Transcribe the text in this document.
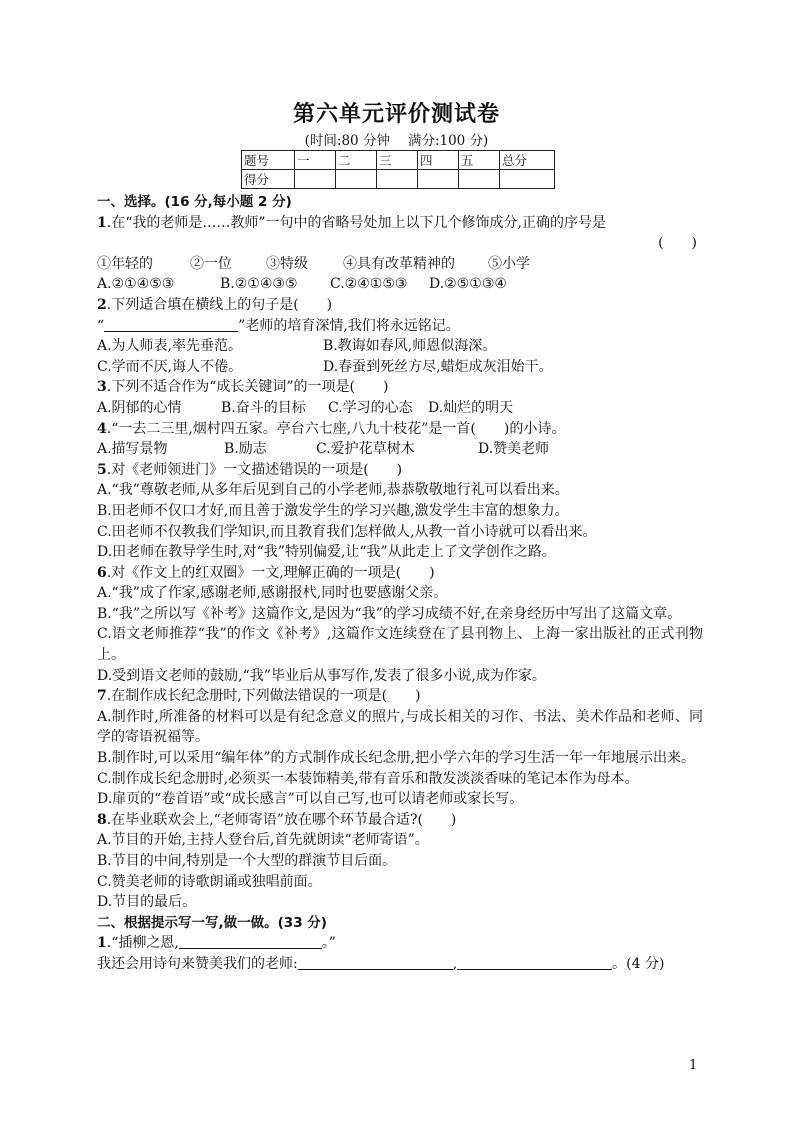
第六单元评价测试卷
(时间:80 分钟 满分:100 分)
题号	一	二	三	四	五	总分
得分						
一、选择。(16 分,每小题 2 分)
1.在“我的老师是……教师”一句中的省略号处加上以下几个修饰成分,正确的序号是
(　　)
①年轻的	②一位 ③特级	④具有改革精神的 ⑤小学
A.②①④⑤③	B.②①④③⑤ C.②④①⑤③ D.②⑤①③④
2.下列适合填在横线上的句子是(　　)
“	”老师的培育深情,我们将永远铭记。
A.为人师表,率先垂范。	B.教诲如春风,师恩似海深。
C.学而不厌,诲人不倦。	D.春蚕到死丝方尽,蜡炬成灰泪始干。
3.下列不适合作为“成长关键词”的一项是(　　)
A.阴郁的心情	B.奋斗的目标 C.学习的心态 D.灿烂的明天
4.“一去二三里,烟村四五家。亭台六七座,八九十枝花”是一首(　　)的小诗。
A.描写景物	B.励志	C.爱护花草树木	D.赞美老师
5.对《老师领进门》一文描述错误的一项是(　　)
A.“我”尊敬老师,从多年后见到自己的小学老师,恭恭敬敬地行礼可以看出来。
B.田老师不仅口才好,而且善于激发学生的学习兴趣,激发学生丰富的想象力。
C.田老师不仅教我们学知识,而且教育我们怎样做人,从教一首小诗就可以看出来。
D.田老师在教导学生时,对“我”特别偏爱,让“我”从此走上了文学创作之路。
6.对《作文上的红双圈》一文,理解正确的一项是(　　)
A.“我”成了作家,感谢老师,感谢报杙,同时也要感谢父亲。
B.“我”之所以写《补考》这篇作文,是因为“我”的学习成绩不好,在亲身经历中写出了这篇文章。
C.语文老师推荐“我”的作文《补考》,这篇作文连续登在了县刊物上、上海一家出版社的正式刊物上。
D.受到语文老师的鼓励,“我”毕业后从事写作,发表了很多小说,成为作家。
7.在制作成长纪念册时,下列做法错误的一项是(　　)
A.制作时,所准备的材料可以是有纪念意义的照片,与成长相关的习作、书法、美术作品和老师、同学的寄语祝福等。
B.制作时,可以采用“编年体”的方式制作成长纪念册,把小学六年的学习生活一年一年地展示出来。
C.制作成长纪念册时,必须买一本装饰精美,带有音乐和散发淡淡香味的笔记本作为母本。
D.扉页的“卷首语”或“成长感言”可以自己写,也可以请老师或家长写。
8.在毕业联欢会上,“老师寄语”放在哪个环节最合适?(　　)
A.节目的开始,主持人登台后,首先就朗读“老师寄语”。
B.节目的中间,特别是一个大型的群演节目后面。
C.赞美老师的诗歌朗诵或独唱前面。
D.节目的最后。
二、根据提示写一写,做一做。(33 分)
1.“插柳之恩,	。”
我还会用诗句来赞美我们的老师:	,	。(4 分)
1
